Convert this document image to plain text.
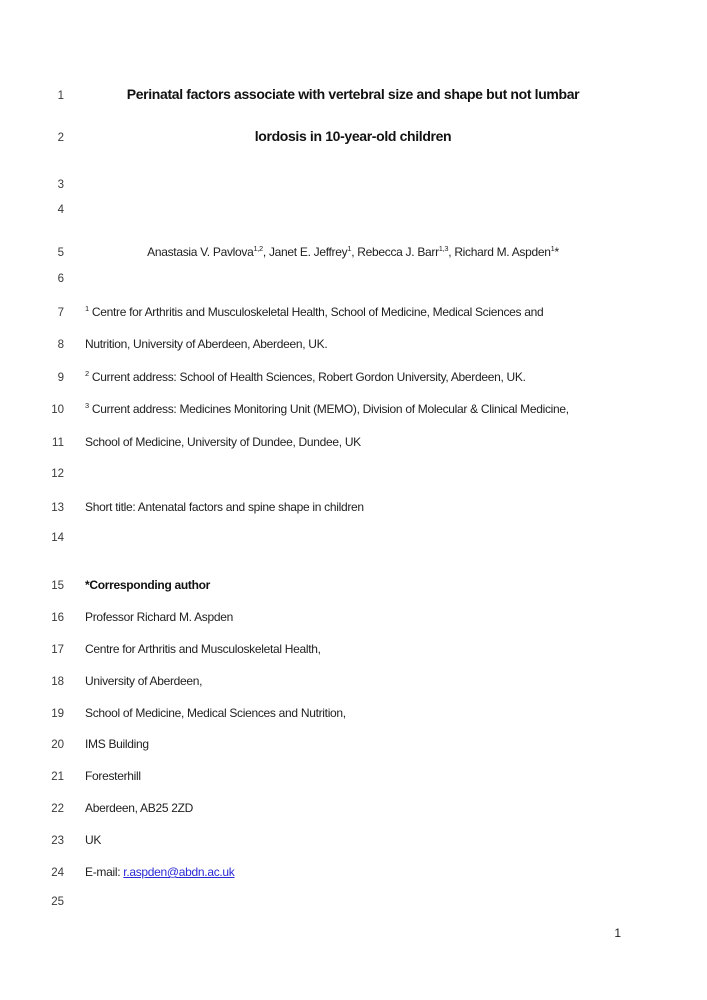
1	Perinatal factors associate with vertebral size and shape but not lumbar
2	lordosis in 10-year-old children
3
4
5	Anastasia V. Pavlova$^{1,2}$, Janet E. Jeffrey$^1$, Rebecca J. Barr$^{1,3}$, Richard M. Aspden$^1$*
6
7	$^1$ Centre for Arthritis and Musculoskeletal Health, School of Medicine, Medical Sciences and
8 Nutrition, University of Aberdeen, Aberdeen, UK.
9	$^2$ Current address: School of Health Sciences, Robert Gordon University, Aberdeen, UK.
10	$^3$ Current address: Medicines Monitoring Unit (MEMO), Division of Molecular & Clinical Medicine,
11 School of Medicine, University of Dundee, Dundee, UK
12
13 Short title: Antenatal factors and spine shape in children
14
15 *Corresponding author
16 Professor Richard M. Aspden
17 Centre for Arthritis and Musculoskeletal Health,
18 University of Aberdeen,
19 School of Medicine, Medical Sciences and Nutrition,
20 IMS Building
21 Foresterhill
22 Aberdeen, AB25 2ZD
23 UK
24 E-mail: r.aspden@abdn.ac.uk
25
1
